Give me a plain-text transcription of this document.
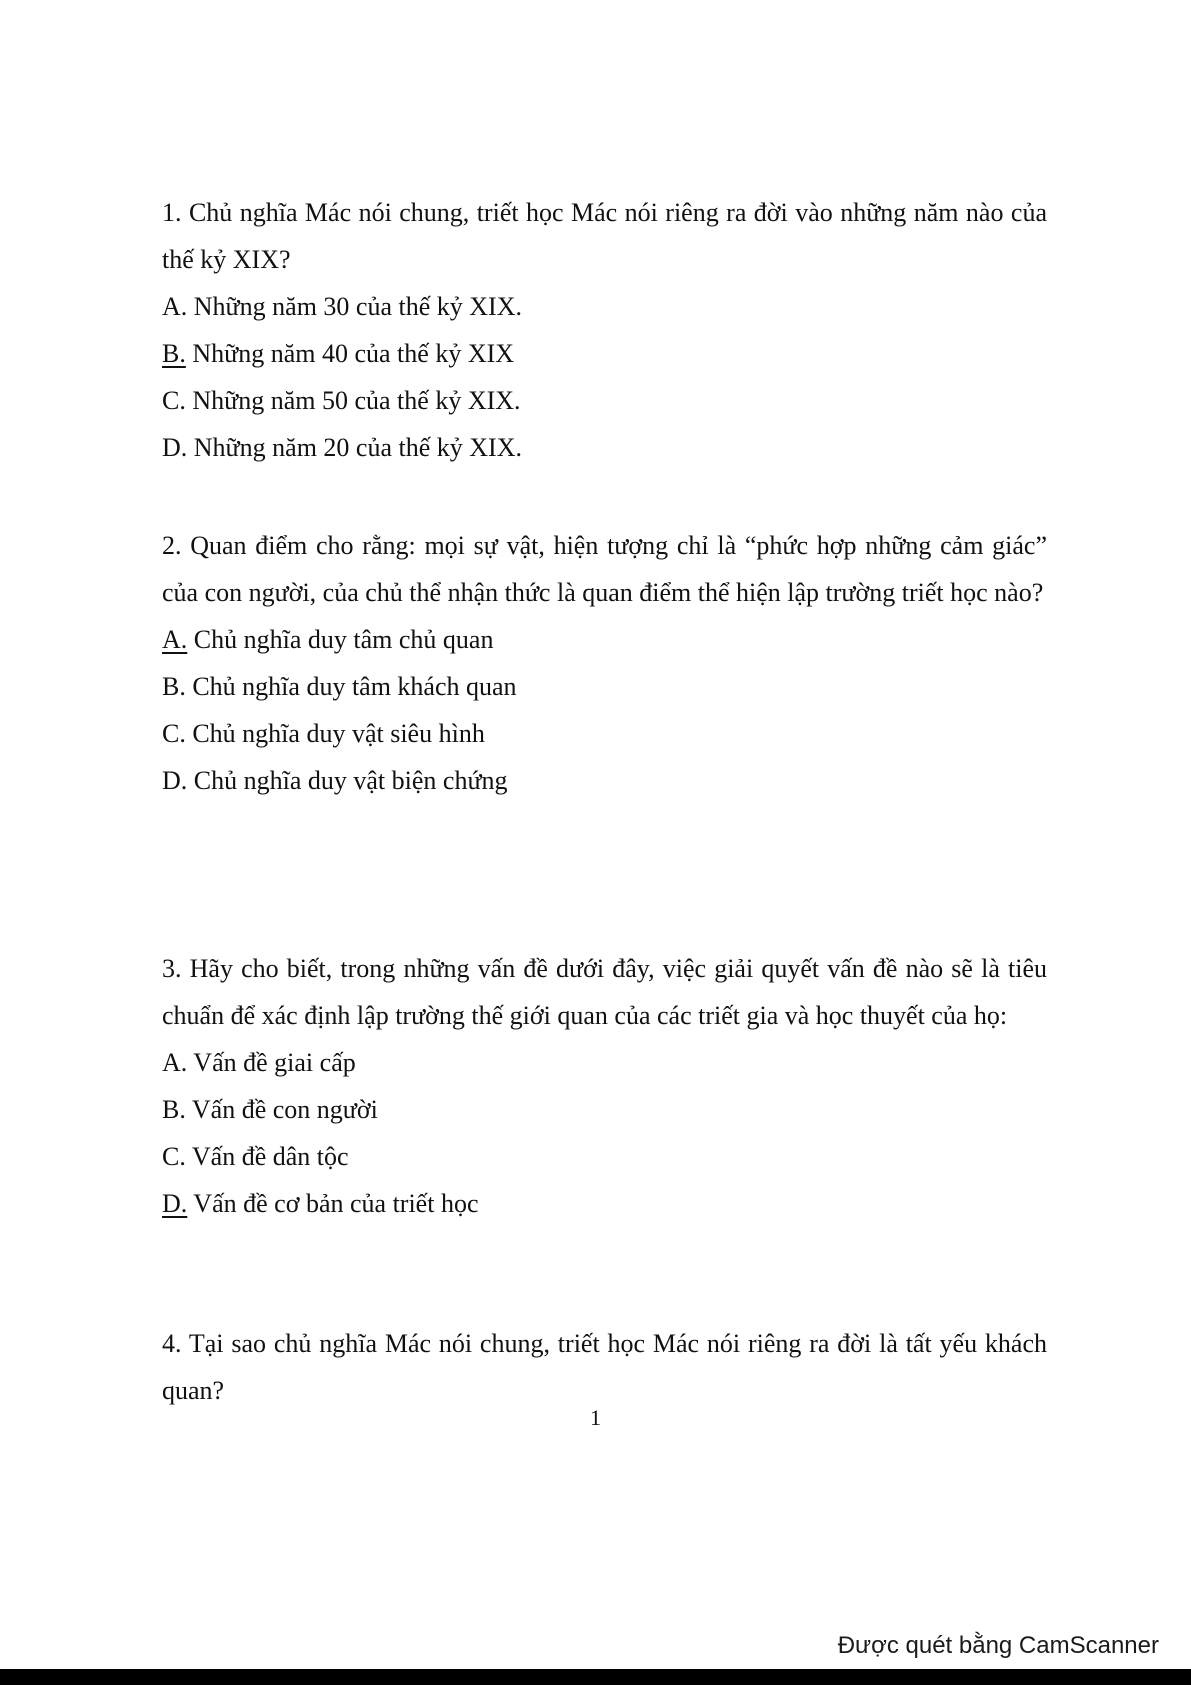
1. Chủ nghĩa Mác nói chung, triết học Mác nói riêng ra đời vào những năm nào của thế kỷ XIX?

A. Những năm 30 của thế kỷ XIX.

B. Những năm 40 của thế kỷ XIX

C. Những năm 50 của thế kỷ XIX.

D. Những năm 20 của thế kỷ XIX.

2. Quan điểm cho rằng: mọi sự vật, hiện tượng chỉ là “phức hợp những cảm giác” của con người, của chủ thể nhận thức là quan điểm thể hiện lập trường triết học nào?

A. Chủ nghĩa duy tâm chủ quan

B. Chủ nghĩa duy tâm khách quan

C. Chủ nghĩa duy vật siêu hình

D. Chủ nghĩa duy vật biện chứng

3. Hãy cho biết, trong những vấn đề dưới đây, việc giải quyết vấn đề nào sẽ là tiêu chuẩn để xác định lập trường thế giới quan của các triết gia và học thuyết của họ:

A. Vấn đề giai cấp

B. Vấn đề con người

C. Vấn đề dân tộc

D. Vấn đề cơ bản của triết học

4. Tại sao chủ nghĩa Mác nói chung, triết học Mác nói riêng ra đời là tất yếu khách quan?

1
Được quét bằng CamScanner
